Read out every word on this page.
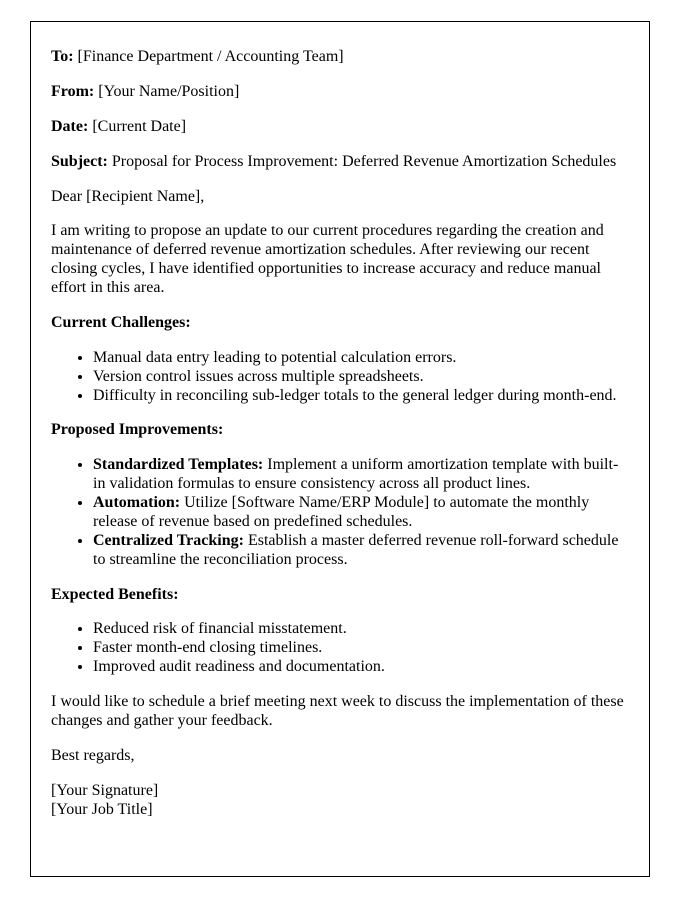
To: [Finance Department / Accounting Team]

From: [Your Name/Position]

Date: [Current Date]

Subject: Proposal for Process Improvement: Deferred Revenue Amortization Schedules

Dear [Recipient Name],

I am writing to propose an update to our current procedures regarding the creation and maintenance of deferred revenue amortization schedules. After reviewing our recent closing cycles, I have identified opportunities to increase accuracy and reduce manual effort in this area.

Current Challenges:

• Manual data entry leading to potential calculation errors.
• Version control issues across multiple spreadsheets.
• Difficulty in reconciling sub-ledger totals to the general ledger during month-end.

Proposed Improvements:

• Standardized Templates: Implement a uniform amortization template with built-in validation formulas to ensure consistency across all product lines.
• Automation: Utilize [Software Name/ERP Module] to automate the monthly release of revenue based on predefined schedules.
• Centralized Tracking: Establish a master deferred revenue roll-forward schedule to streamline the reconciliation process.

Expected Benefits:

• Reduced risk of financial misstatement.
• Faster month-end closing timelines.
• Improved audit readiness and documentation.

I would like to schedule a brief meeting next week to discuss the implementation of these changes and gather your feedback.

Best regards,

[Your Signature]
[Your Job Title]
